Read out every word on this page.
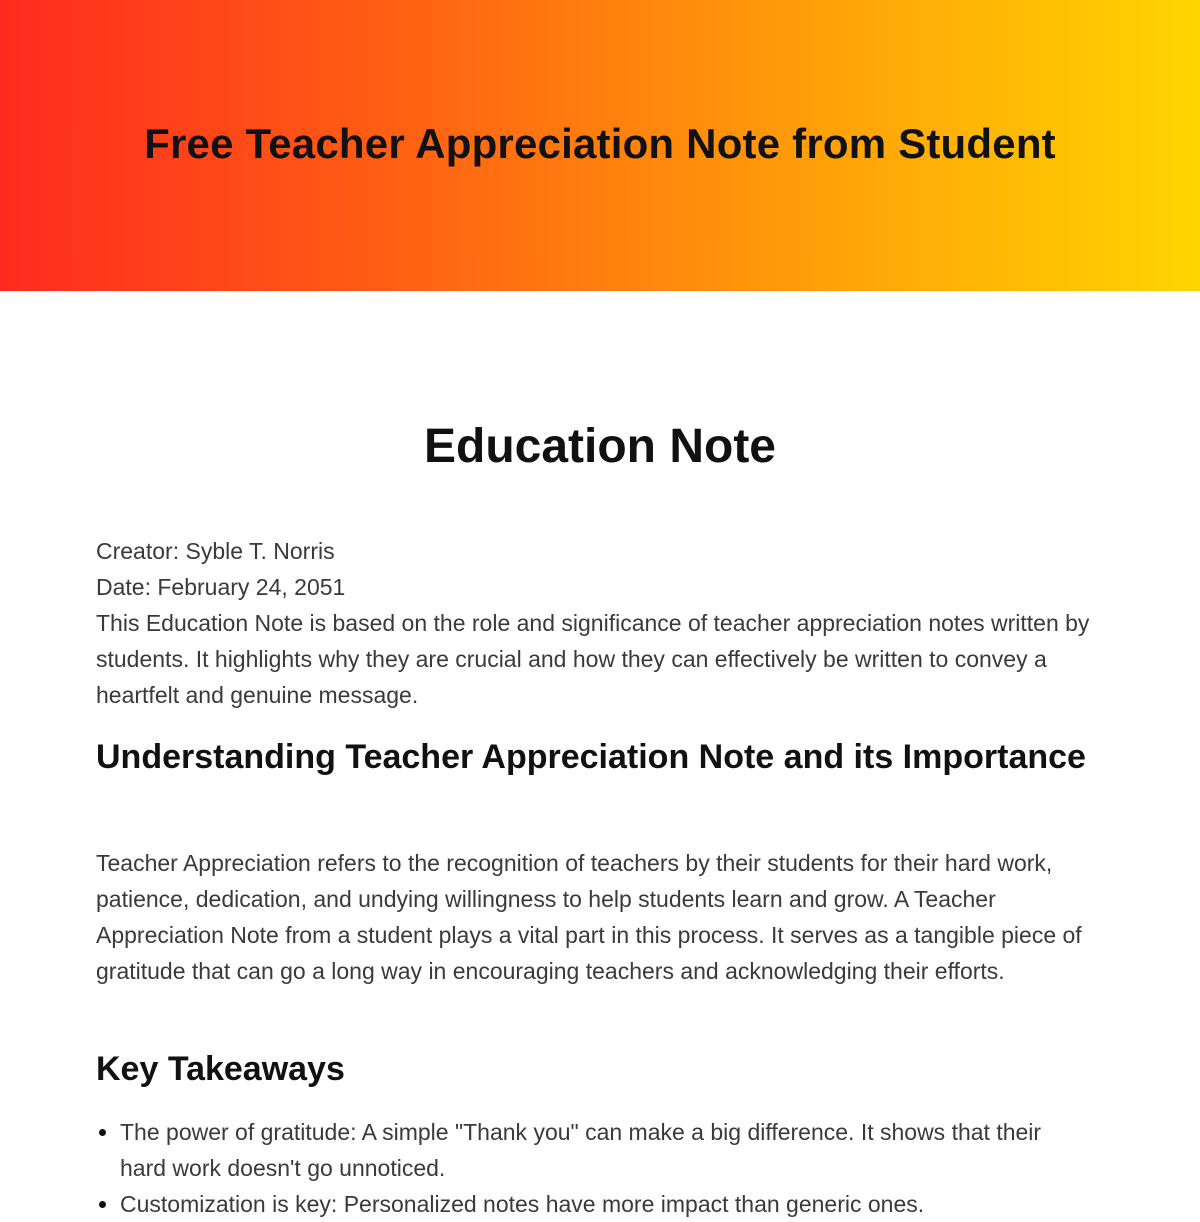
Free Teacher Appreciation Note from Student
Education Note

Creator: Syble T. Norris

Date: February 24, 2051

This Education Note is based on the role and significance of teacher appreciation notes written by students. It highlights why they are crucial and how they can effectively be written to convey a heartfelt and genuine message.

Understanding Teacher Appreciation Note and its Importance

Teacher Appreciation refers to the recognition of teachers by their students for their hard work, patience, dedication, and undying willingness to help students learn and grow. A Teacher Appreciation Note from a student plays a vital part in this process. It serves as a tangible piece of gratitude that can go a long way in encouraging teachers and acknowledging their efforts.

Key Takeaways
• The power of gratitude: A simple "Thank you" can make a big difference. It shows that their hard work doesn't go unnoticed.
• Customization is key: Personalized notes have more impact than generic ones.
